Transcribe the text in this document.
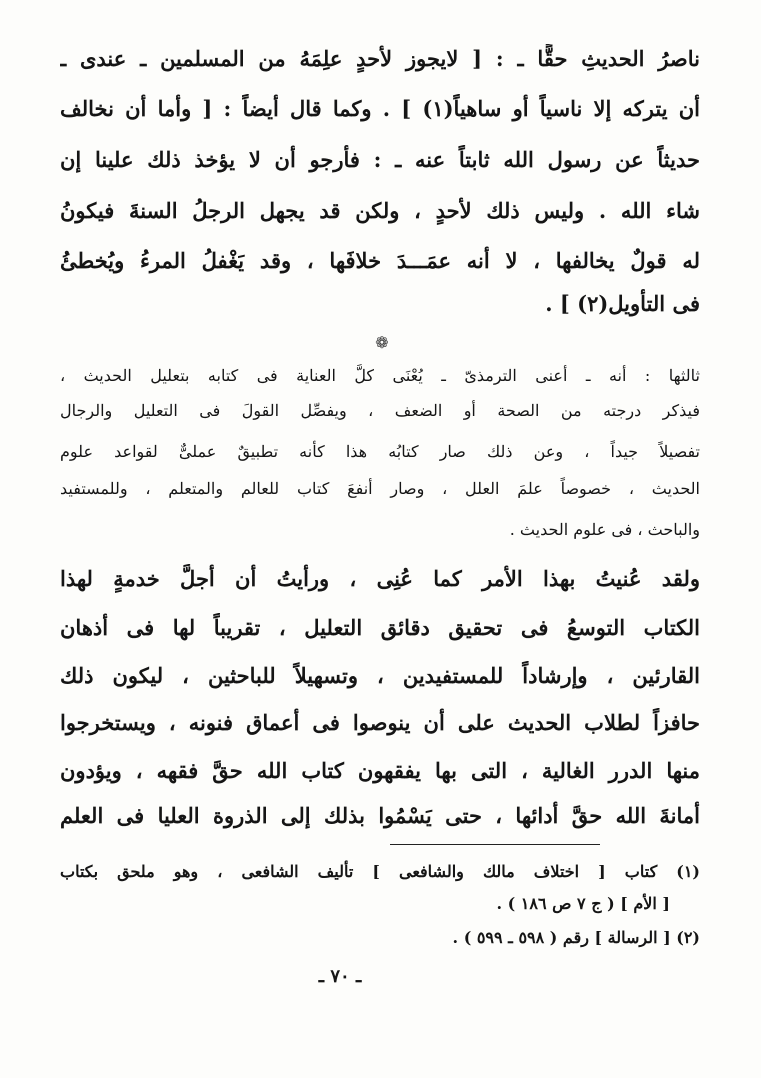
ناصرُ الحديثِ حقًّا ـ : [ لايجوز لأحدٍ علِمَهُ من المسلمين ـ عندى ـ
أن يتركه إلا ناسياً أو ساهياً(١) ] . وكما قال أيضاً : [ وأما أن نخالف
حديثاً عن رسول الله ثابتاً عنه ـ : فأرجو أن لا يؤخذ ذلك علينا إن
شاء الله . وليس ذلك لأحدٍ ، ولكن قد يجهل الرجلُ السنةَ فيكونُ
له قولٌ يخالفها ، لا أنه عمَـــدَ خلافَها ، وقد يَغْفلُ المرءُ ويُخطئُ
فى التأويل(٢) ] .
❁
ثالثها : أنه ـ أعنى الترمذىّ ـ يُعْنَى كلَّ العناية فى كتابه بتعليل الحديث ،
فيذكر درجته من الصحة أو الضعف ، ويفصِّل القولَ فى التعليل والرجال
تفصيلاً جيداً ، وعن ذلك صار كتابُه هذا كأنه تطبيقٌ عملىٌّ لقواعد علوم
الحديث ، خصوصاً علمَ العلل ، وصار أنفعَ كتاب للعالم والمتعلم ، وللمستفيد
والباحث ، فى علوم الحديث .
ولقد عُنيتُ بهذا الأمر كما عُنِى ، ورأيتُ أن أجلَّ خدمةٍ لهذا
الكتاب التوسعُ فى تحقيق دقائق التعليل ، تقريباً لها فى أذهان
القارئين ، وإرشاداً للمستفيدين ، وتسهيلاً للباحثين ، ليكون ذلك
حافزاً لطلاب الحديث على أن ينوصوا فى أعماق فنونه ، ويستخرجوا
منها الدرر الغالية ، التى بها يفقهون كتاب الله حقَّ فقهه ، ويؤدون
أمانةَ الله حقَّ أدائها ، حتى يَسْمُوا بذلك إلى الذروة العليا فى العلم
(١) كتاب [ اختلاف مالك والشافعى ] تأليف الشافعى ، وهو ملحق بكتاب
[ الأم ] ( ج ٧ ص ١٨٦ ) .
(٢) [ الرسالة ] رقم ( ٥٩٨ ـ ٥٩٩ ) .
ـ ٧٠ ـ
